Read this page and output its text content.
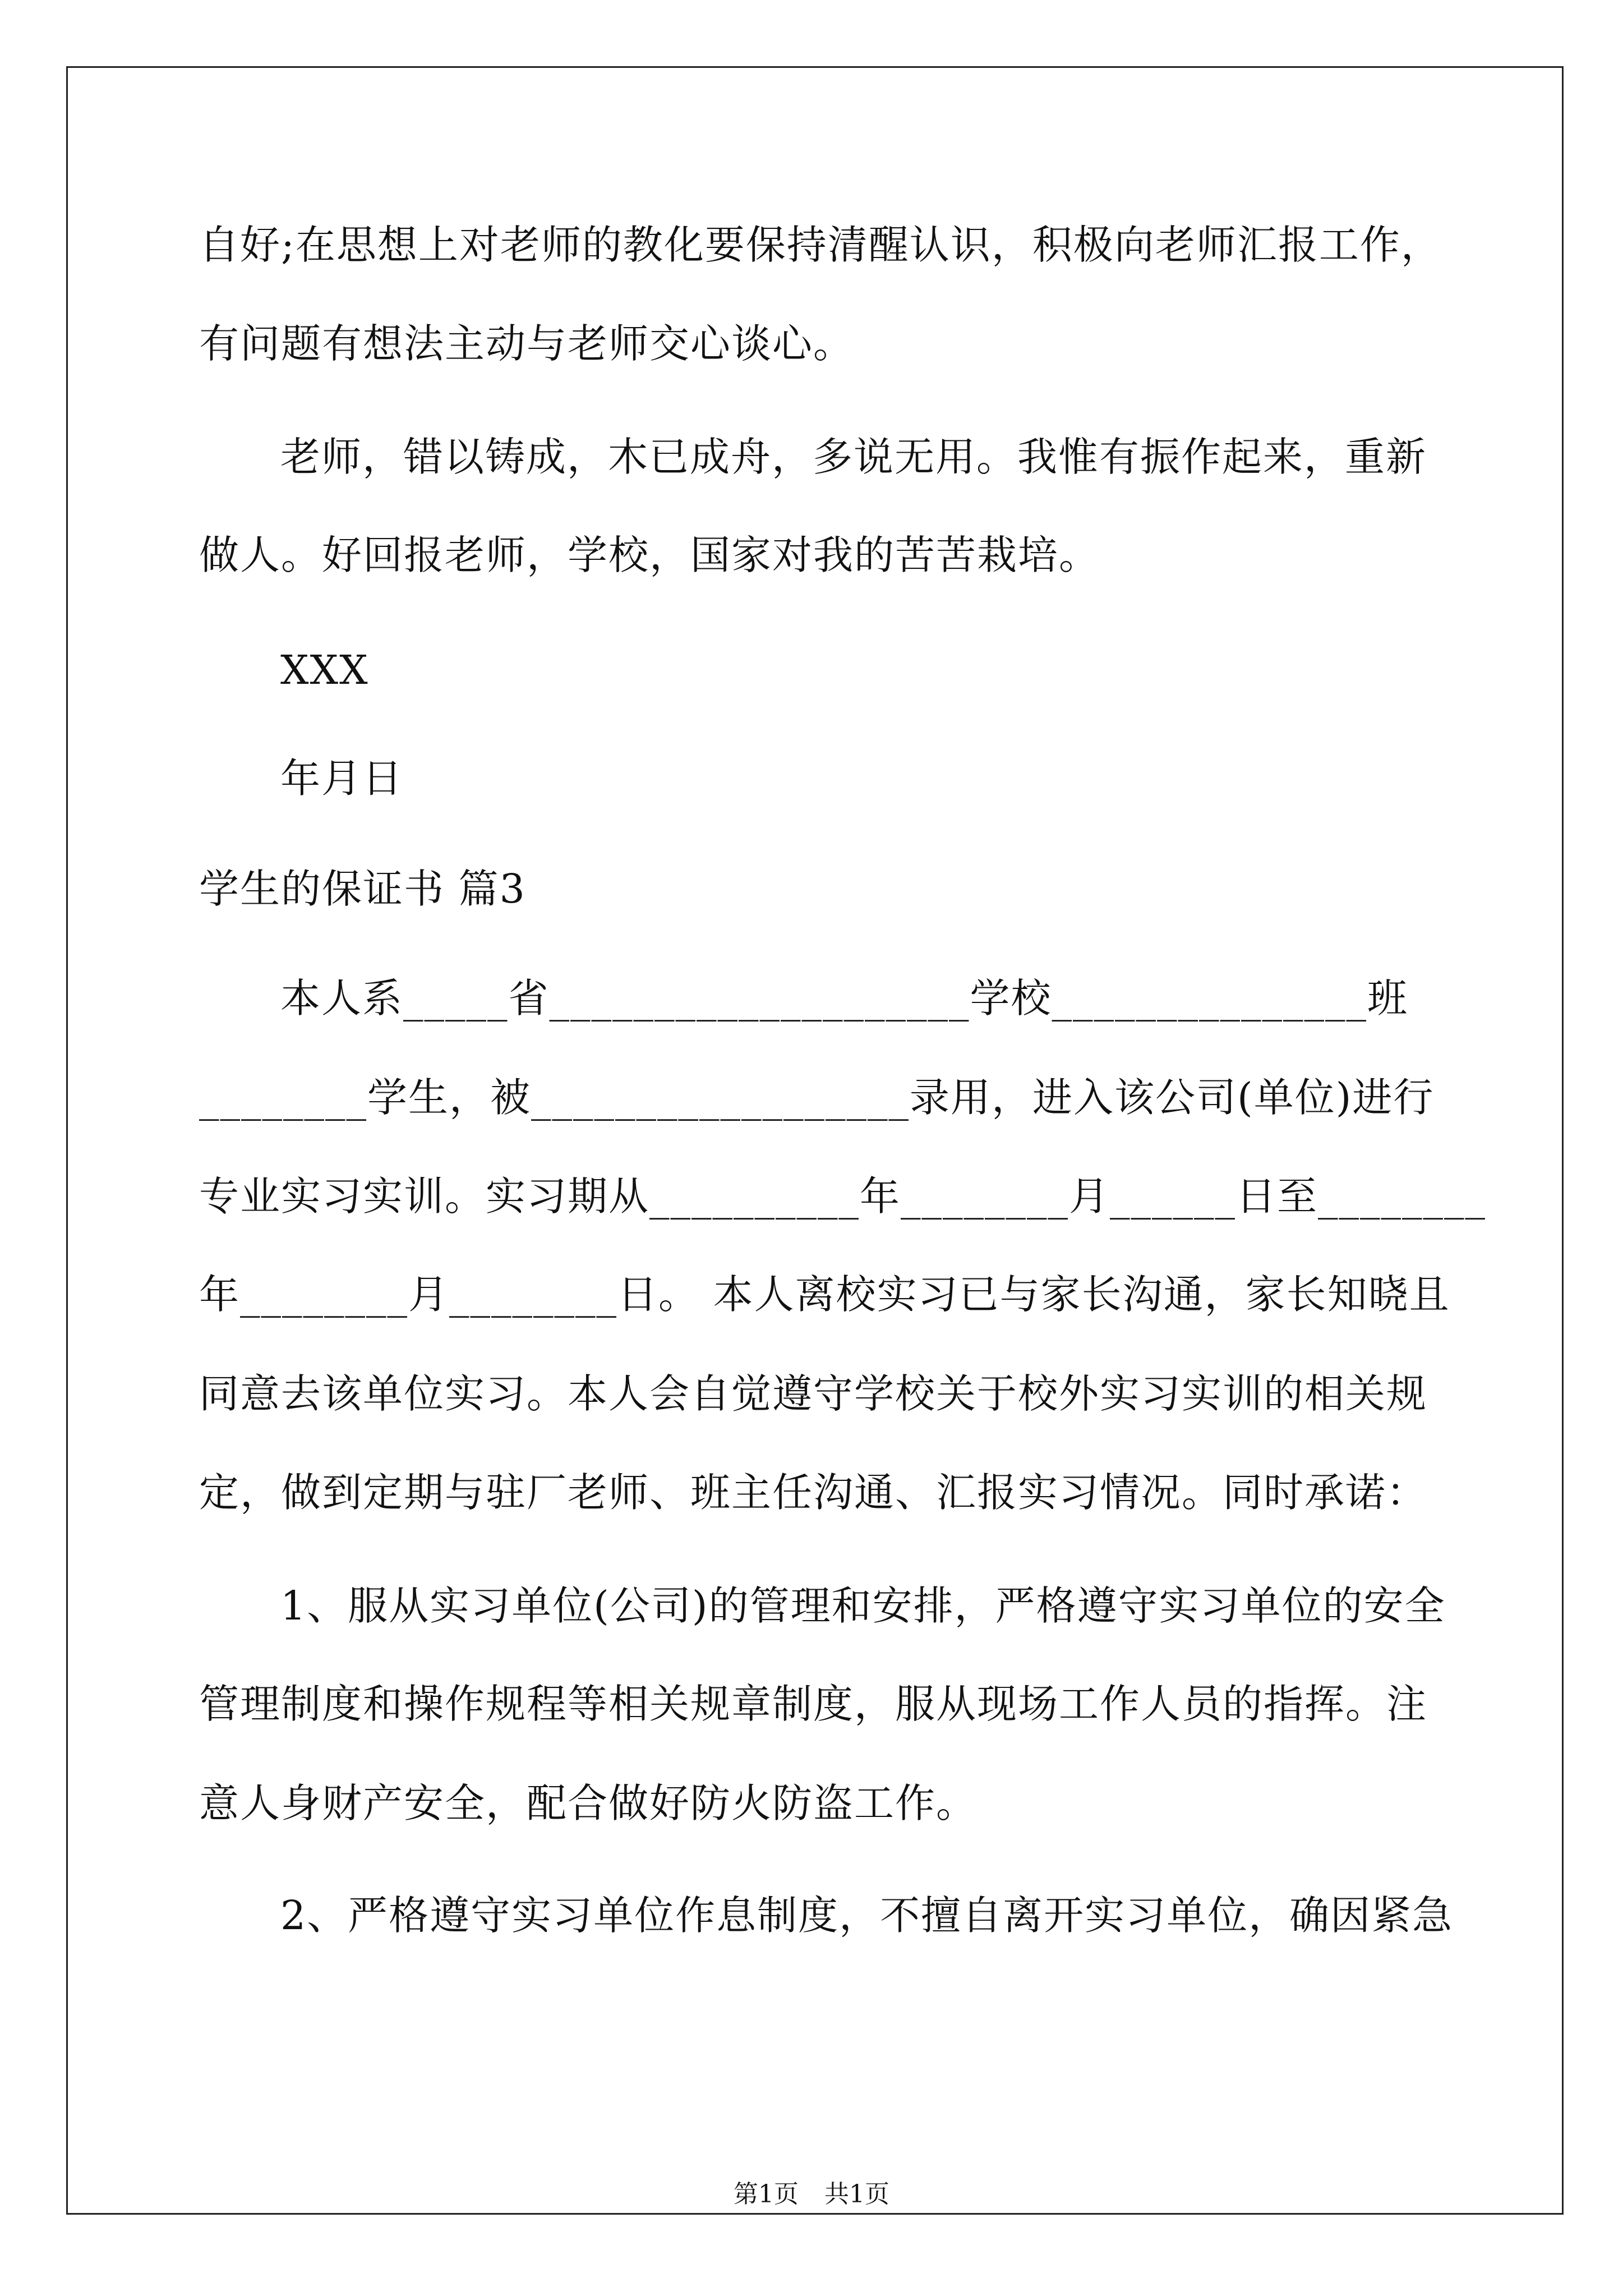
自好;在思想上对老师的教化要保持清醒认识，积极向老师汇报工作，
有问题有想法主动与老师交心谈心。
老师，错以铸成，木已成舟，多说无用。我惟有振作起来，重新
做人。好回报老师，学校，国家对我的苦苦栽培。
XXX
年月日
学生的保证书 篇3
本人系_____省____________________学校_______________班
________学生，被__________________录用，进入该公司(单位)进行
专业实习实训。实习期从__________年________月______日至________
年________月________日。 本人离校实习已与家长沟通，家长知晓且
同意去该单位实习。本人会自觉遵守学校关于校外实习实训的相关规
定，做到定期与驻厂老师、班主任沟通、汇报实习情况。同时承诺：
1、服从实习单位(公司)的管理和安排，严格遵守实习单位的安全
管理制度和操作规程等相关规章制度，服从现场工作人员的指挥。注
意人身财产安全，配合做好防火防盗工作。
2、严格遵守实习单位作息制度，不擅自离开实习单位，确因紧急
第1页 共1页
